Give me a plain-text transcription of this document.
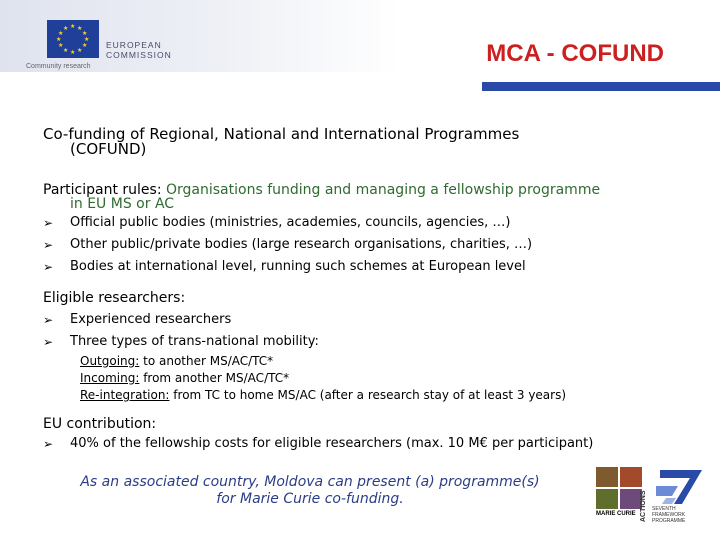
★ ★
★
★
★
★
★
★
★
★
★
★
EUROPEAN
COMMISSION
Community research	MCA - COFUND
Co-funding of Regional, National and International Programmes
(COFUND)
Participant rules: Organisations funding and managing a fellowship programme
in EU MS or AC
➢ Official public bodies (ministries, academies, councils, agencies, …)
➢ Other public/private bodies (large research organisations, charities, …)
➢ Bodies at international level, running such schemes at European level
Eligible researchers:
➢ Experienced researchers
➢ Three types of trans-national mobility:
Outgoing: to another MS/AC/TC*
Incoming: from another MS/AC/TC*
Re-integration: from TC to home MS/AC (after a research stay of at least 3 years)
EU contribution:
➢ 40% of the fellowship costs for eligible researchers (max. 10 M€ per participant)
As an associated country, Moldova can present (a) programme(s)
for Marie Curie co-funding.
MARIE CURIE ACTIONS SEVENTH FRAMEWORK PROGRAMME
